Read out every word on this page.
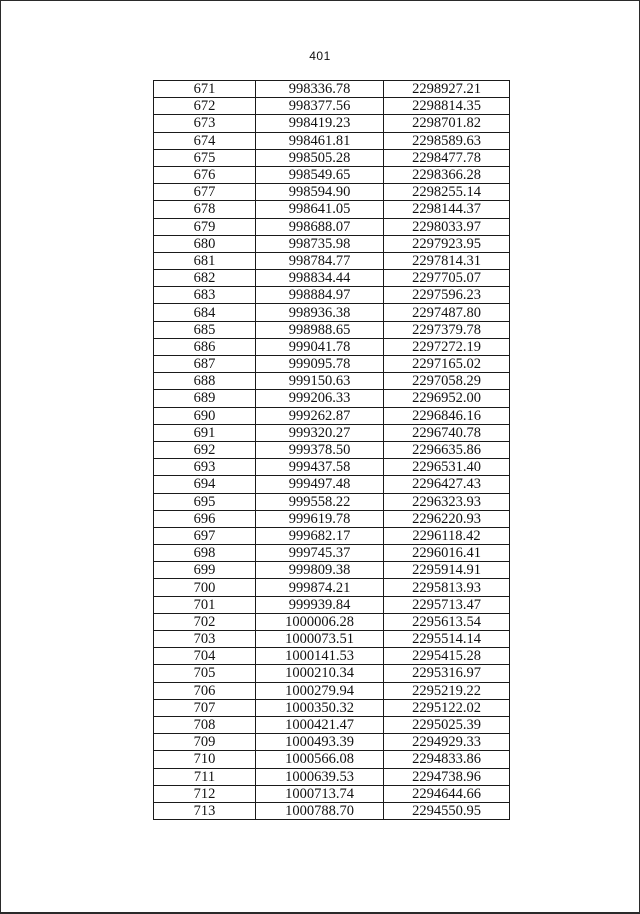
401
671	998336.78	2298927.21
672	998377.56	2298814.35
673	998419.23	2298701.82
674	998461.81	2298589.63
675	998505.28	2298477.78
676	998549.65	2298366.28
677	998594.90	2298255.14
678	998641.05	2298144.37
679	998688.07	2298033.97
680	998735.98	2297923.95
681	998784.77	2297814.31
682	998834.44	2297705.07
683	998884.97	2297596.23
684	998936.38	2297487.80
685	998988.65	2297379.78
686	999041.78	2297272.19
687	999095.78	2297165.02
688	999150.63	2297058.29
689	999206.33	2296952.00
690	999262.87	2296846.16
691	999320.27	2296740.78
692	999378.50	2296635.86
693	999437.58	2296531.40
694	999497.48	2296427.43
695	999558.22	2296323.93
696	999619.78	2296220.93
697	999682.17	2296118.42
698	999745.37	2296016.41
699	999809.38	2295914.91
700	999874.21	2295813.93
701	999939.84	2295713.47
702	1000006.28	2295613.54
703	1000073.51	2295514.14
704	1000141.53	2295415.28
705	1000210.34	2295316.97
706	1000279.94	2295219.22
707	1000350.32	2295122.02
708	1000421.47	2295025.39
709	1000493.39	2294929.33
710	1000566.08	2294833.86
711	1000639.53	2294738.96
712	1000713.74	2294644.66
713	1000788.70	2294550.95
